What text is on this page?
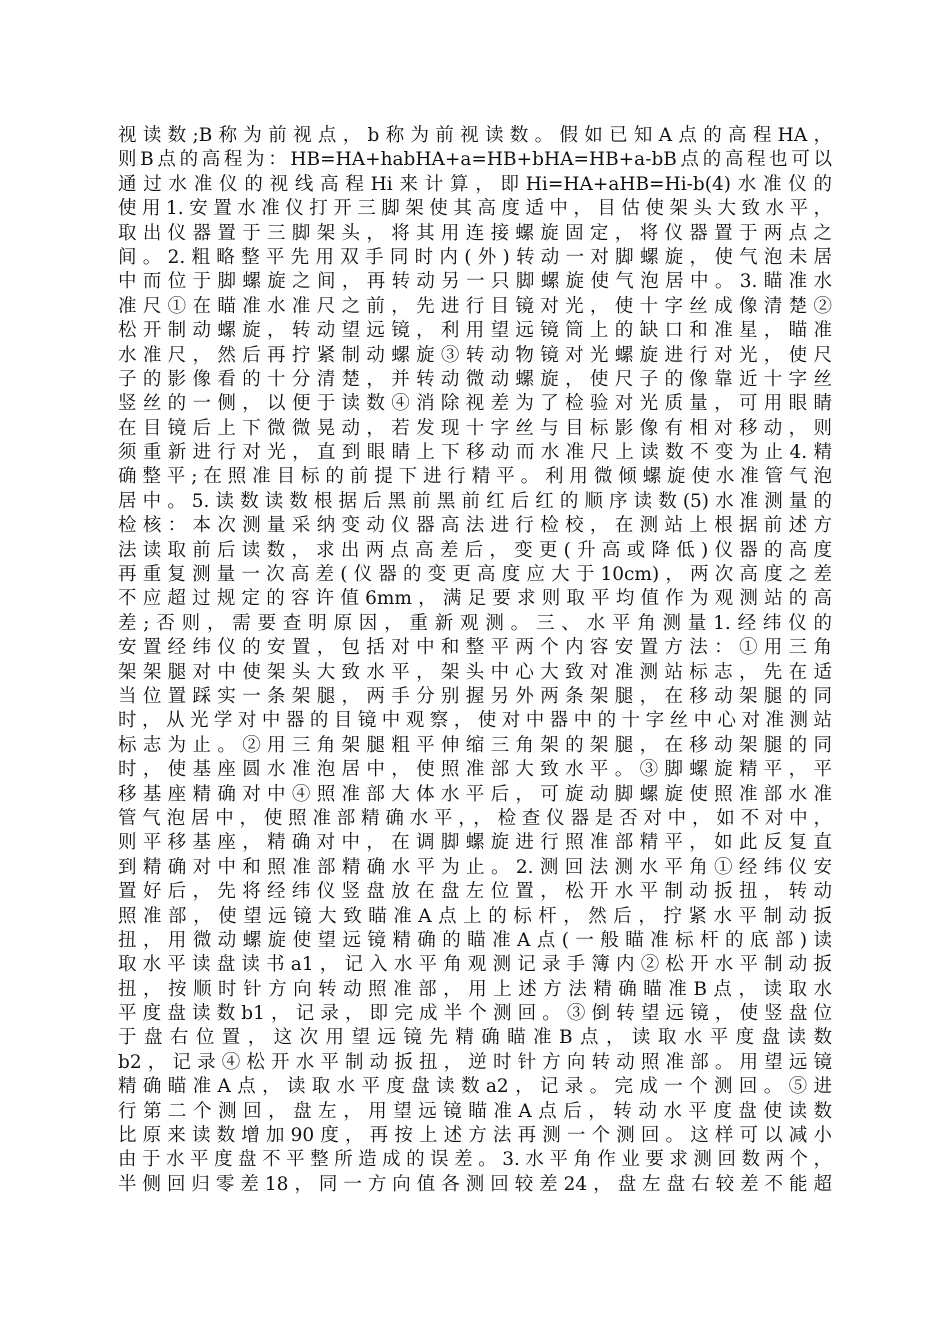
视读数;B称为前视点，b称为前视读数。假如已知A点的高程HA，
则B点的高程为：HB=HA+habHA+a=HB+bHA=HB+a-bB点的高程也可以
通过水准仪的视线高程Hi来计算，即Hi=HA+aHB=Hi-b(4)水准仪的
使用1.安置水准仪打开三脚架使其高度适中，目估使架头大致水平，
取出仪器置于三脚架头，将其用连接螺旋固定，将仪器置于两点之
间。2.粗略整平先用双手同时内(外)转动一对脚螺旋，使气泡未居
中而位于脚螺旋之间，再转动另一只脚螺旋使气泡居中。3.瞄准水
准尺①在瞄准水准尺之前，先进行目镜对光，使十字丝成像清楚②
松开制动螺旋，转动望远镜，利用望远镜筒上的缺口和准星，瞄准
水准尺，然后再拧紧制动螺旋③转动物镜对光螺旋进行对光，使尺
子的影像看的十分清楚，并转动微动螺旋，使尺子的像靠近十字丝
竖丝的一侧，以便于读数④消除视差为了检验对光质量，可用眼睛
在目镜后上下微微晃动，若发现十字丝与目标影像有相对移动，则
须重新进行对光，直到眼睛上下移动而水准尺上读数不变为止4.精
确整平;在照准目标的前提下进行精平。利用微倾螺旋使水准管气泡
居中。5.读数读数根据后黑前黑前红后红的顺序读数(5)水准测量的
检核：本次测量采纳变动仪器高法进行检校，在测站上根据前述方
法读取前后读数，求出两点高差后，变更(升高或降低)仪器的高度
再重复测量一次高差(仪器的变更高度应大于10cm)，两次高度之差
不应超过规定的容许值6mm，满足要求则取平均值作为观测站的高
差;否则，需要查明原因，重新观测。三、水平角测量1.经纬仪的
安置经纬仪的安置，包括对中和整平两个内容安置方法：①用三角
架架腿对中使架头大致水平，架头中心大致对准测站标志，先在适
当位置踩实一条架腿，两手分别握另外两条架腿，在移动架腿的同
时，从光学对中器的目镜中观察，使对中器中的十字丝中心对准测站
标志为止。②用三角架腿粗平伸缩三角架的架腿，在移动架腿的同
时，使基座圆水准泡居中，使照准部大致水平。③脚螺旋精平，平
移基座精确对中④照准部大体水平后，可旋动脚螺旋使照准部水准
管气泡居中，使照准部精确水平，，检查仪器是否对中，如不对中，
则平移基座，精确对中，在调脚螺旋进行照准部精平，如此反复直
到精确对中和照准部精确水平为止。2.测回法测水平角①经纬仪安
置好后，先将经纬仪竖盘放在盘左位置，松开水平制动扳扭，转动
照准部，使望远镜大致瞄准A点上的标杆，然后，拧紧水平制动扳
扭，用微动螺旋使望远镜精确的瞄准A点(一般瞄准标杆的底部)读
取水平读盘读书a1，记入水平角观测记录手簿内②松开水平制动扳
扭，按顺时针方向转动照准部，用上述方法精确瞄准B点，读取水
平度盘读数b1，记录，即完成半个测回。③倒转望远镜，使竖盘位
于盘右位置，这次用望远镜先精确瞄准B点，读取水平度盘读数
b2，记录④松开水平制动扳扭，逆时针方向转动照准部。用望远镜
精确瞄准A点，读取水平度盘读数a2，记录。完成一个测回。⑤进
行第二个测回，盘左，用望远镜瞄准A点后，转动水平度盘使读数
比原来读数增加90度，再按上述方法再测一个测回。这样可以减小
由于水平度盘不平整所造成的误差。3.水平角作业要求测回数两个，
半侧回归零差18，同一方向值各测回较差24，盘左盘右较差不能超
